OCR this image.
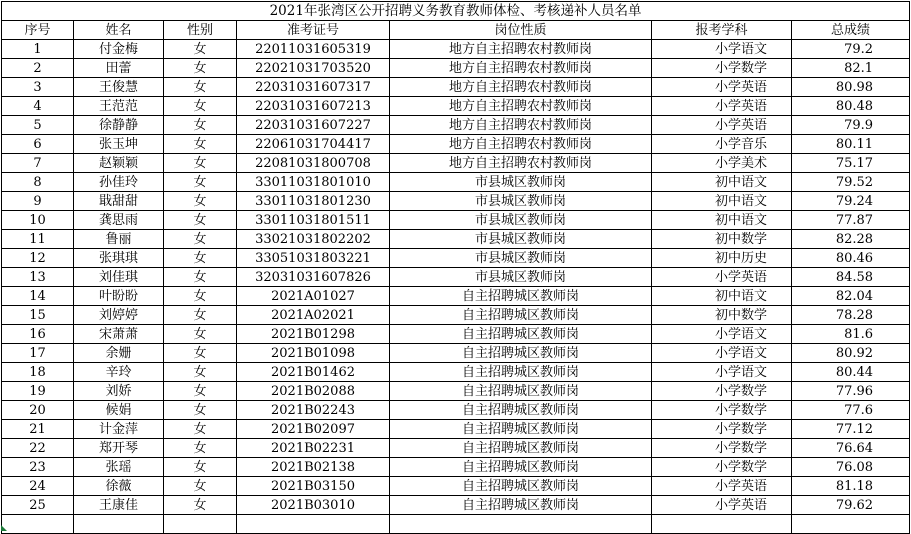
2021年张湾区公开招聘义务教育教师体检、考核递补人员名单						
序号	姓名	性别	准考证号	岗位性质	报考学科	总成绩
1	付金梅	女	22011031605319	地方自主招聘农村教师岗	小学语文	79.2
2	田蕾	女	22021031703520	地方自主招聘农村教师岗	小学数学	82.1
3	王俊慧	女	22031031607317	地方自主招聘农村教师岗	小学英语	80.98
4	王范范	女	22031031607213	地方自主招聘农村教师岗	小学英语	80.48
5	徐静静	女	22031031607227	地方自主招聘农村教师岗	小学英语	79.9
6	张玉坤	女	22061031704417	地方自主招聘农村教师岗	小学音乐	80.11
7	赵颖颖	女	22081031800708	地方自主招聘农村教师岗	小学美术	75.17
8	孙佳玲	女	33011031801010	市县城区教师岗	初中语文	79.52
9	戢甜甜	女	33011031801230	市县城区教师岗	初中语文	79.24
10	龚思雨	女	33011031801511	市县城区教师岗	初中语文	77.87
11	鲁丽	女	33021031802202	市县城区教师岗	初中数学	82.28
12	张琪琪	女	33051031803221	市县城区教师岗	初中历史	80.46
13	刘佳琪	女	32031031607826	市县城区教师岗	小学英语	84.58
14	叶盼盼	女	2021A01027	自主招聘城区教师岗	初中语文	82.04
15	刘婷婷	女	2021A02021	自主招聘城区教师岗	初中数学	78.28
16	宋萧萧	女	2021B01298	自主招聘城区教师岗	小学语文	81.6
17	余姗	女	2021B01098	自主招聘城区教师岗	小学语文	80.92
18	辛玲	女	2021B01462	自主招聘城区教师岗	小学语文	80.44
19	刘娇	女	2021B02088	自主招聘城区教师岗	小学数学	77.96
20	候娟	女	2021B02243	自主招聘城区教师岗	小学数学	77.6
21	计金萍	女	2021B02097	自主招聘城区教师岗	小学数学	77.12
22	郑开琴	女	2021B02231	自主招聘城区教师岗	小学数学	76.64
23	张瑶	女	2021B02138	自主招聘城区教师岗	小学数学	76.08
24	徐薇	女	2021B03150	自主招聘城区教师岗	小学英语	81.18
25	王康佳	女	2021B03010	自主招聘城区教师岗	小学英语	79.62
